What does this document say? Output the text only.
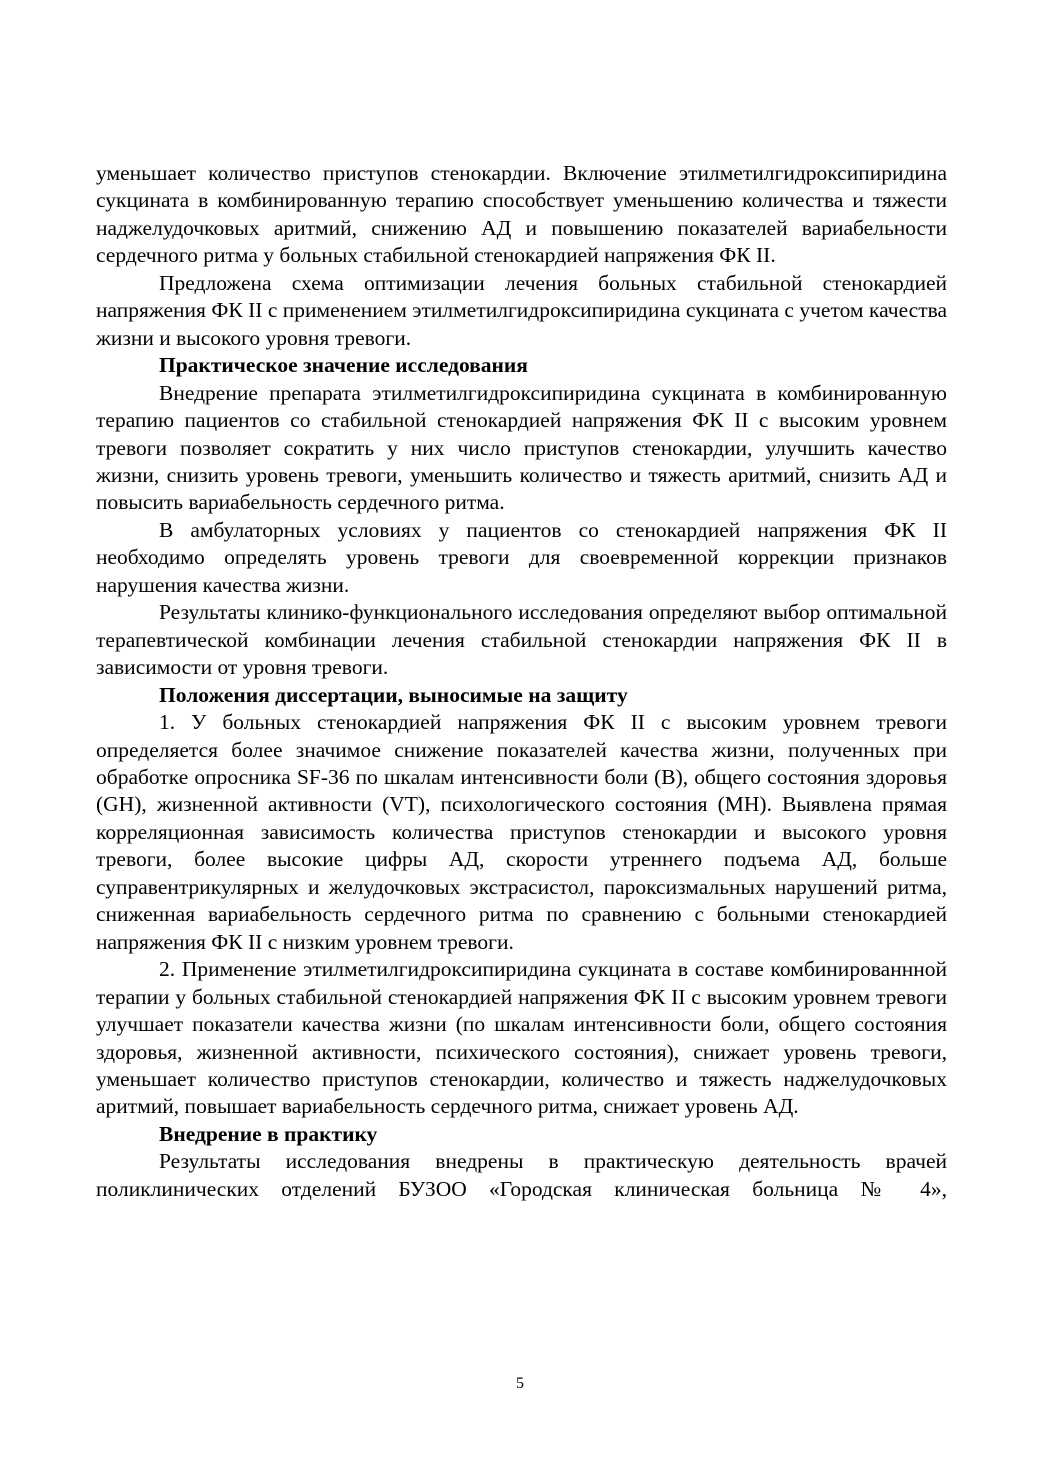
уменьшает количество приступов стенокардии. Включение этилметилгидроксипиридина сукцината в комбинированную терапию способствует уменьшению количества и тяжести наджелудочковых аритмий, снижению АД и повышению показателей вариабельности сердечного ритма у больных стабильной стенокардией напряжения ФК II.

Предложена схема оптимизации лечения больных стабильной стенокардией напряжения ФК II с применением этилметилгидроксипиридина сукцината с учетом качества жизни и высокого уровня тревоги.

Практическое значение исследования

Внедрение препарата этилметилгидроксипиридина сукцината в комбинированную терапию пациентов со стабильной стенокардией напряжения ФК II с высоким уровнем тревоги позволяет сократить у них число приступов стенокардии, улучшить качество жизни, снизить уровень тревоги, уменьшить количество и тяжесть аритмий, снизить АД и повысить вариабельность сердечного ритма.

В амбулаторных условиях у пациентов со стенокардией напряжения ФК II необходимо определять уровень тревоги для своевременной коррекции признаков нарушения качества жизни.

Результаты клинико-функционального исследования определяют выбор оптимальной терапевтической комбинации лечения стабильной стенокардии напряжения ФК II в зависимости от уровня тревоги.

Положения диссертации, выносимые на защиту

1. У больных стенокардией напряжения ФК II с высоким уровнем тревоги определяется более значимое снижение показателей качества жизни, полученных при обработке опросника SF-36 по шкалам интенсивности боли (В), общего состояния здоровья (GH), жизненной активности (VT), психологического состояния (MH). Выявлена прямая корреляционная зависимость количества приступов стенокардии и высокого уровня тревоги, более высокие цифры АД, скорости утреннего подъема АД, больше суправентрикулярных и желудочковых экстрасистол, пароксизмальных нарушений ритма, сниженная вариабельность сердечного ритма по сравнению с больными стенокардией напряжения ФК II с низким уровнем тревоги.

2. Применение этилметилгидроксипиридина сукцината в составе комбинированнной терапии у больных стабильной стенокардией напряжения ФК II с высоким уровнем тревоги улучшает показатели качества жизни (по шкалам интенсивности боли, общего состояния здоровья, жизненной активности, психического состояния), снижает уровень тревоги, уменьшает количество приступов стенокардии, количество и тяжесть наджелудочковых аритмий, повышает вариабельность сердечного ритма, снижает уровень АД.

Внедрение в практику

Результаты исследования внедрены в практическую деятельность врачей поликлинических отделений БУЗОО «Городская клиническая больница № 4»,

5
